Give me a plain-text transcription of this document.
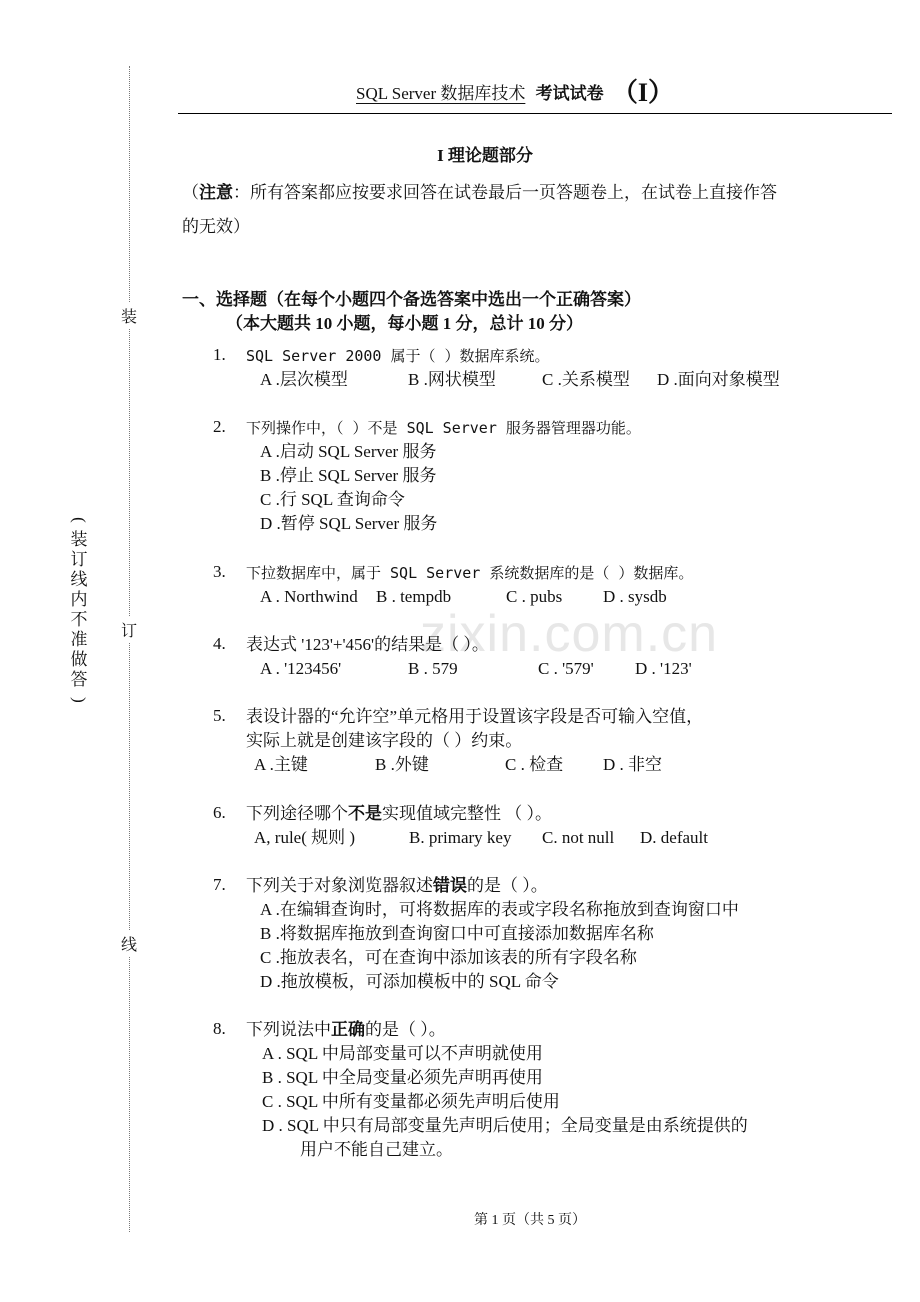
zixin.com.cn
装
订
线
(
装
订
线
内
不
准
做
答
)
SQL Server 数据库技术 考试试卷 （I）
I 理论题部分
（注意：所有答案都应按要求回答在试卷最后一页答题卷上，在试卷上直接作答的无效）
一、选择题（在每个小题四个备选答案中选出一个正确答案）
（本大题共 10 小题，每小题 1 分，总计 10 分）
1.	SQL Server 2000 属于（ ）数据库系统。
A .层次模型	B .网状模型	C .关系模型 D .面向对象模型
2.	下列操作中，（ ）不是 SQL Server 服务器管理器功能。
A .启动 SQL Server 服务
B .停止 SQL Server 服务
C .行 SQL 查询命令
D .暂停 SQL Server 服务
3.	下拉数据库中，属于 SQL Server 系统数据库的是（ ）数据库。
A . Northwind B . tempdb	C . pubs D . sysdb
4.	表达式 '123'+'456'的结果是（ ）。
A . '123456'	B . 579	C . '579' D . '123'
5.	表设计器的“允许空”单元格用于设置该字段是否可输入空值，
实际上就是创建该字段的（ ）约束。
A .主键	B .外键	C . 检查 D . 非空
6.	下列途径哪个不是实现值域完整性 （ ）。
A, rule( 规则 )	B. primary key C. not null D. default
7.	下列关于对象浏览器叙述错误的是（ ）。
A .在编辑查询时，可将数据库的表或字段名称拖放到查询窗口中
B .将数据库拖放到查询窗口中可直接添加数据库名称
C .拖放表名，可在查询中添加该表的所有字段名称
D .拖放模板，可添加模板中的 SQL 命令
8.	下列说法中正确的是（ ）。
A . SQL 中局部变量可以不声明就使用
B . SQL 中全局变量必须先声明再使用
C . SQL 中所有变量都必须先声明后使用
D . SQL 中只有局部变量先声明后使用；全局变量是由系统提供的
用户不能自己建立。
第 1 页（共 5 页）
